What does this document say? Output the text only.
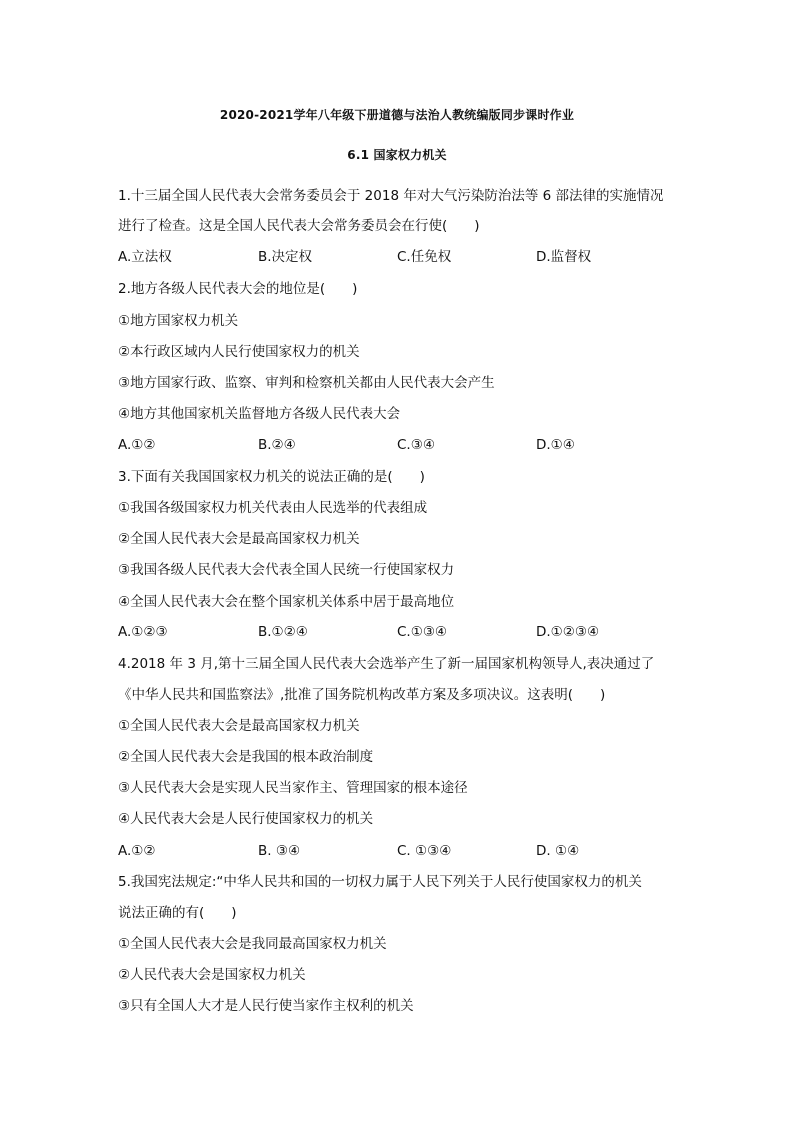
2020-2021学年八年级下册道德与法治人教统编版同步课时作业
6.1 国家权力机关
1.十三届全国人民代表大会常务委员会于 2018 年对大气污染防治法等 6 部法律的实施情况
进行了检查。这是全国人民代表大会常务委员会在行使(　　)
A.立法权	B.决定权	C.任免权	D.监督权
2.地方各级人民代表大会的地位是(　　)
①地方国家权力机关
②本行政区域内人民行使国家权力的机关
③地方国家行政、监察、审判和检察机关都由人民代表大会产生
④地方其他国家机关监督地方各级人民代表大会
A.①②	B.②④	C.③④	D.①④
3.下面有关我国国家权力机关的说法正确的是(　　)
①我国各级国家权力机关代表由人民选举的代表组成
②全国人民代表大会是最高国家权力机关
③我国各级人民代表大会代表全国人民统一行使国家权力
④全国人民代表大会在整个国家机关体系中居于最高地位
A.①②③	B.①②④	C.①③④	D.①②③④
4.2018 年 3 月,第十三届全国人民代表大会选举产生了新一届国家机构领导人,表决通过了
《中华人民共和国监察法》,批准了国务院机构改革方案及多项决议。这表明(　　)
①全国人民代表大会是最高国家权力机关
②全国人民代表大会是我国的根本政治制度
③人民代表大会是实现人民当家作主、管理国家的根本途径
④人民代表大会是人民行使国家权力的机关
A.①②	B. ③④	C. ①③④	D. ①④
5.我国宪法规定:“中华人民共和国的一切权力属于人民下列关于人民行使国家权力的机关
说法正确的有(　　)
①全国人民代表大会是我同最高国家权力机关
②人民代表大会是国家权力机关
③只有全国人大才是人民行使当家作主权利的机关
